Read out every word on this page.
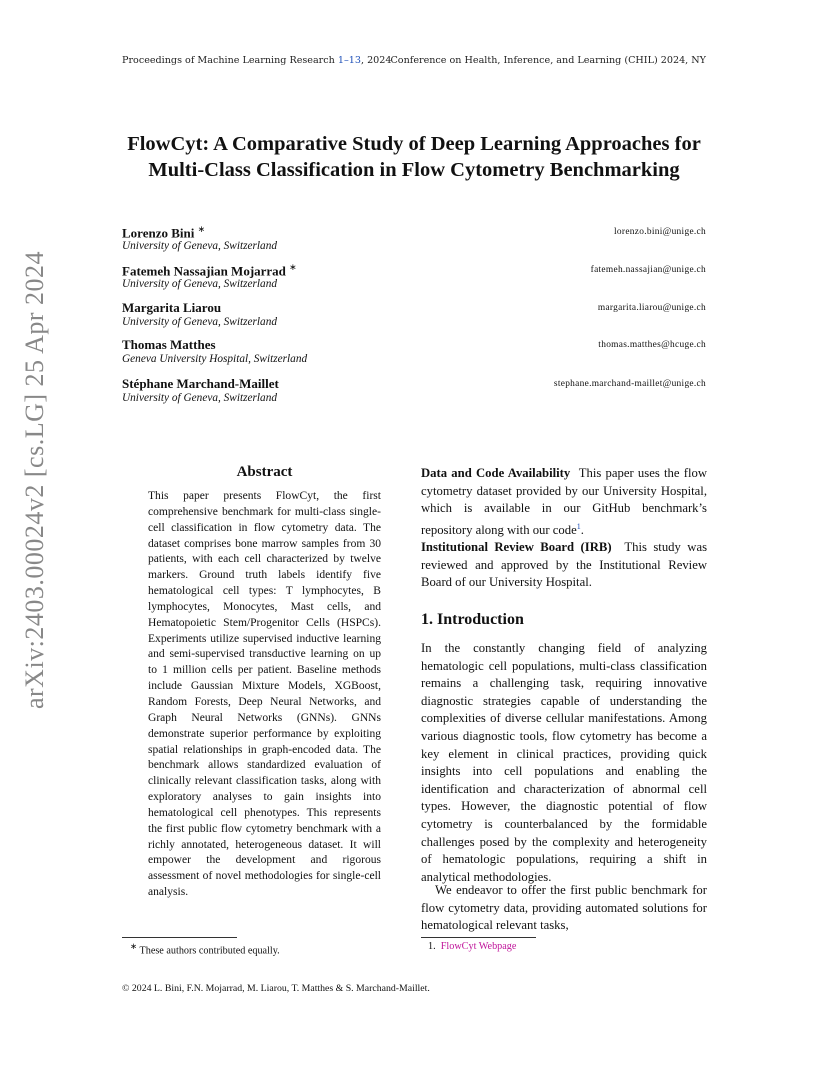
Proceedings of Machine Learning Research 1–13, 2024
Conference on Health, Inference, and Learning (CHIL) 2024, NY
arXiv:2403.00024v2 [cs.LG] 25 Apr 2024
FlowCyt: A Comparative Study of Deep Learning Approaches for Multi-Class Classification in Flow Cytometry Benchmarking
Lorenzo Bini ∗
University of Geneva, Switzerland
lorenzo.bini@unige.ch
Fatemeh Nassajian Mojarrad ∗
University of Geneva, Switzerland
fatemeh.nassajian@unige.ch
Margarita Liarou
University of Geneva, Switzerland
margarita.liarou@unige.ch
Thomas Matthes
Geneva University Hospital, Switzerland
thomas.matthes@hcuge.ch
Stéphane Marchand-Maillet
University of Geneva, Switzerland
stephane.marchand-maillet@unige.ch
Abstract

This paper presents FlowCyt, the first comprehensive benchmark for multi-class single-cell classification in flow cytometry data. The dataset comprises bone marrow samples from 30 patients, with each cell characterized by twelve markers. Ground truth labels identify five hematological cell types: T lymphocytes, B lymphocytes, Monocytes, Mast cells, and Hematopoietic Stem/Progenitor Cells (HSPCs). Experiments utilize supervised inductive learning and semi-supervised transductive learning on up to 1 million cells per patient. Baseline methods include Gaussian Mixture Models, XGBoost, Random Forests, Deep Neural Networks, and Graph Neural Networks (GNNs). GNNs demonstrate superior performance by exploiting spatial relationships in graph-encoded data. The benchmark allows standardized evaluation of clinically relevant classification tasks, along with exploratory analyses to gain insights into hematological cell phenotypes. This represents the first public flow cytometry benchmark with a richly annotated, heterogeneous dataset. It will empower the development and rigorous assessment of novel methodologies for single-cell analysis.

Data and Code Availability This paper uses the flow cytometry dataset provided by our University Hospital, which is available in our GitHub benchmark’s repository along with our code$^1$.

Institutional Review Board (IRB) This study was reviewed and approved by the Institutional Review Board of our University Hospital.

1. Introduction

In the constantly changing field of analyzing hematologic cell populations, multi-class classification remains a challenging task, requiring innovative diagnostic strategies capable of understanding the complexities of diverse cellular manifestations. Among various diagnostic tools, flow cytometry has become a key element in clinical practices, providing quick insights into cell populations and enabling the identification and characterization of abnormal cell types. However, the diagnostic potential of flow cytometry is counterbalanced by the formidable challenges posed by the complexity and heterogeneity of hematologic populations, requiring a shift in analytical methodologies.

We endeavor to offer the first public benchmark for flow cytometry data, providing automated solutions for hematological relevant tasks,

∗ These authors contributed equally.	1. FlowCyt Webpage
© 2024 L. Bini, F.N. Mojarrad, M. Liarou, T. Matthes & S. Marchand-Maillet.
